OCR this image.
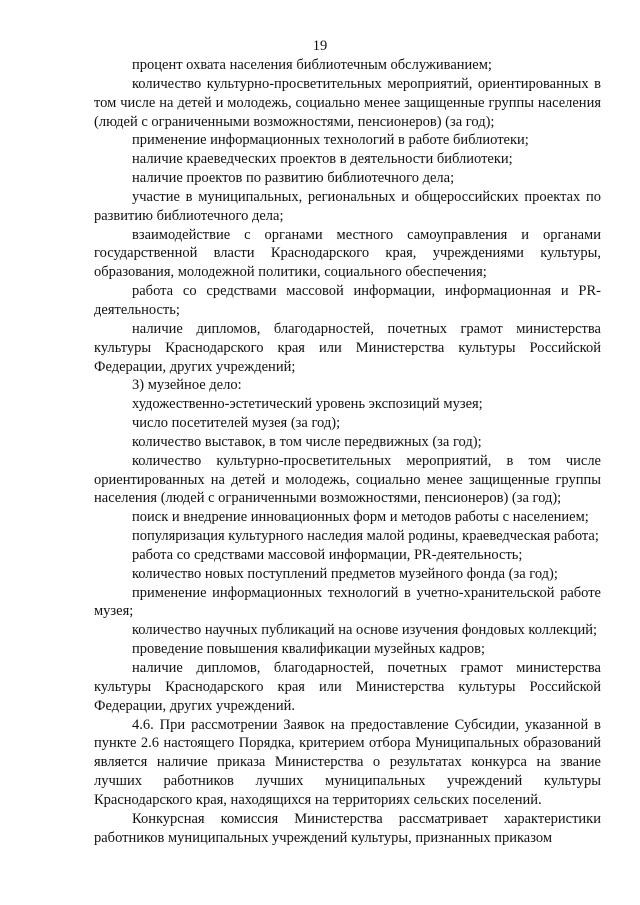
19

процент охвата населения библиотечным обслуживанием;

количество культурно-просветительных мероприятий, ориентированных в том числе на детей и молодежь, социально менее защищенные группы населения (людей с ограниченными возможностями, пенсионеров) (за год);

применение информационных технологий в работе библиотеки;

наличие краеведческих проектов в деятельности библиотеки;

наличие проектов по развитию библиотечного дела;

участие в муниципальных, региональных и общероссийских проектах по развитию библиотечного дела;

взаимодействие с органами местного самоуправления и органами государственной власти Краснодарского края, учреждениями культуры, образования, молодежной политики, социального обеспечения;

работа со средствами массовой информации, информационная и PR-деятельность;

наличие дипломов, благодарностей, почетных грамот министерства культуры Краснодарского края или Министерства культуры Российской Федерации, других учреждений;

3) музейное дело:

художественно-эстетический уровень экспозиций музея;

число посетителей музея (за год);

количество выставок, в том числе передвижных (за год);

количество культурно-просветительных мероприятий, в том числе ориентированных на детей и молодежь, социально менее защищенные группы населения (людей с ограниченными возможностями, пенсионеров) (за год);

поиск и внедрение инновационных форм и методов работы с населением;

популяризация культурного наследия малой родины, краеведческая работа;

работа со средствами массовой информации, PR-деятельность;

количество новых поступлений предметов музейного фонда (за год);

применение информационных технологий в учетно-хранительской работе музея;

количество научных публикаций на основе изучения фондовых коллекций;

проведение повышения квалификации музейных кадров;

наличие дипломов, благодарностей, почетных грамот министерства культуры Краснодарского края или Министерства культуры Российской Федерации, других учреждений.

4.6. При рассмотрении Заявок на предоставление Субсидии, указанной в пункте 2.6 настоящего Порядка, критерием отбора Муниципальных образований является наличие приказа Министерства о результатах конкурса на звание лучших работников лучших муниципальных учреждений культуры Краснодарского края, находящихся на территориях сельских поселений.

Конкурсная комиссия Министерства рассматривает характеристики работников муниципальных учреждений культуры, признанных приказом
